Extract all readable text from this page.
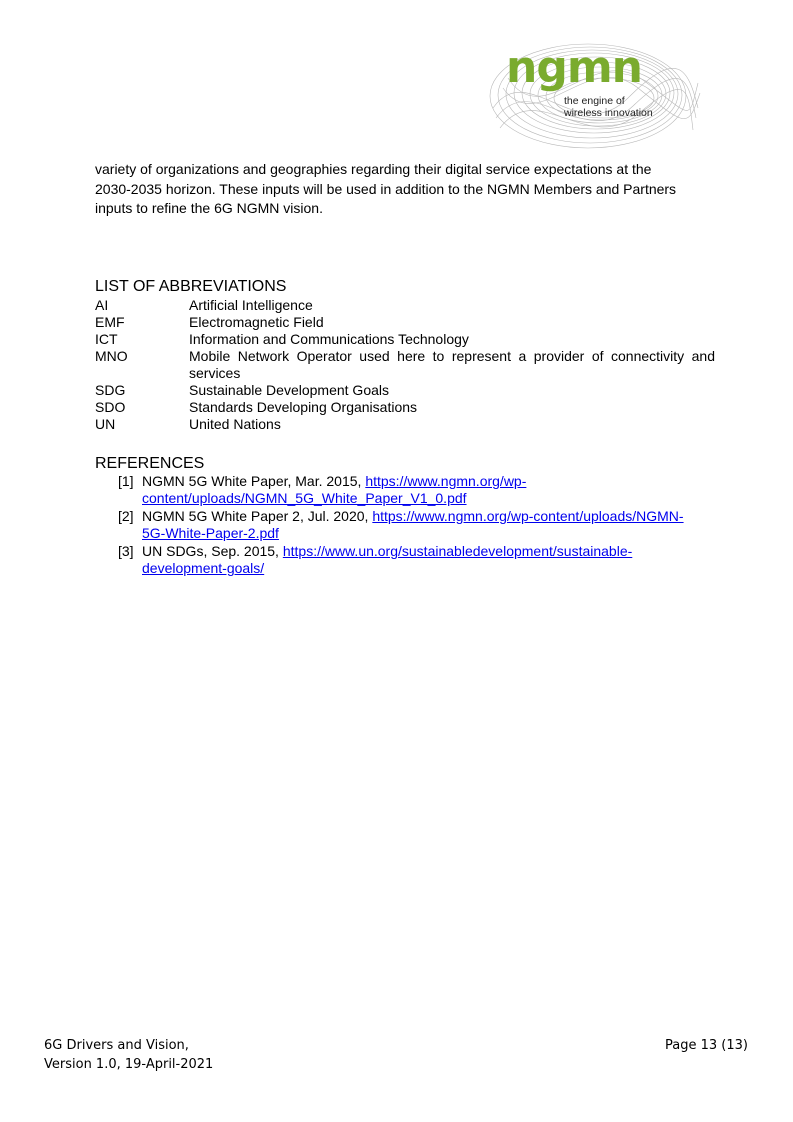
ngmn
the engine of
wireless innovation

variety of organizations and geographies regarding their digital service expectations at the

2030-2035 horizon. These inputs will be used in addition to the NGMN Members and Partners

inputs to refine the 6G NGMN vision.

LIST OF ABBREVIATIONS
AI	Artificial Intelligence
EMF	Electromagnetic Field
ICT	Information and Communications Technology
MNO	Mobile Network Operator used here to represent a provider of connectivity and services
SDG	Sustainable Development Goals
SDO	Standards Developing Organisations
UN	United Nations
REFERENCES
[1] NGMN 5G White Paper, Mar. 2015, https://www.ngmn.org/wp-
content/uploads/NGMN_5G_White_Paper_V1_0.pdf
[2] NGMN 5G White Paper 2, Jul. 2020, https://www.ngmn.org/wp-content/uploads/NGMN-
5G-White-Paper-2.pdf
[3] UN SDGs, Sep. 2015, https://www.un.org/sustainabledevelopment/sustainable-
development-goals/
6G Drivers and Vision,
Version 1.0, 19-April-2021
Page 13 (13)
